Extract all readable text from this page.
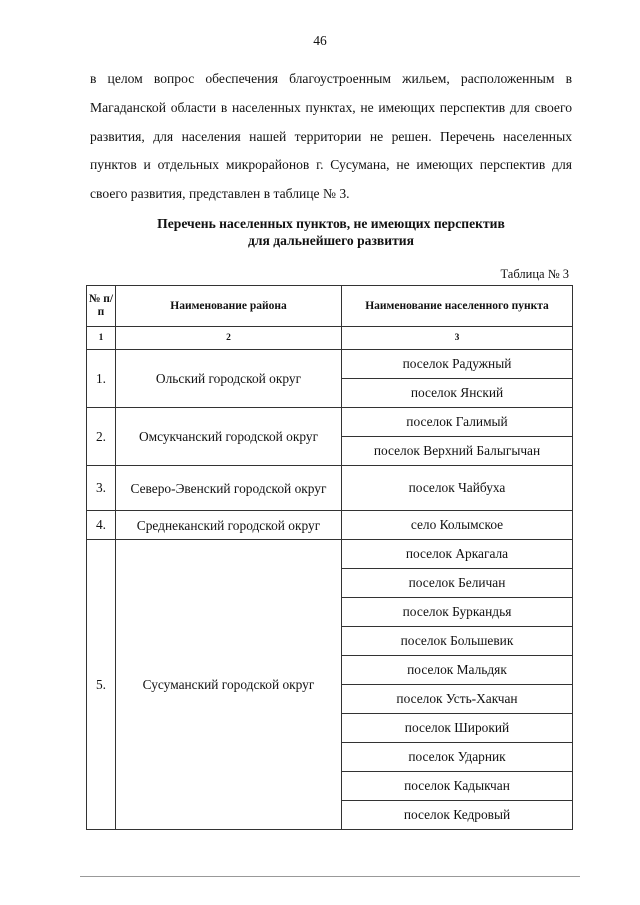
46

в целом вопрос обеспечения благоустроенным жильем, расположенным в Магаданской области в населенных пунктах, не имеющих перспектив для своего развития, для населения нашей территории не решен. Перечень населенных пунктов и отдельных микрорайонов г. Сусумана, не имеющих перспектив для своего развития, представлен в таблице № 3.

Перечень населенных пунктов, не имеющих перспектив
для дальнейшего развития
Таблица № 3
№ п/п	Наименование района	Наименование населенного пункта
1	2	3
1.	Ольский городской округ	поселок Радужный
		поселок Янский
2.	Омсукчанский городской округ	поселок Галимый
		поселок Верхний Балыгычан
3.	Северо-Эвенский городской округ	поселок Чайбуха
4.	Среднеканский городской округ	село Колымское
5.	Сусуманский городской округ	поселок Аркагала
		поселок Беличан
		поселок Буркандья
		поселок Большевик
		поселок Мальдяк
		поселок Усть-Хакчан
		поселок Широкий
		поселок Ударник
		поселок Кадыкчан
		поселок Кедровый
